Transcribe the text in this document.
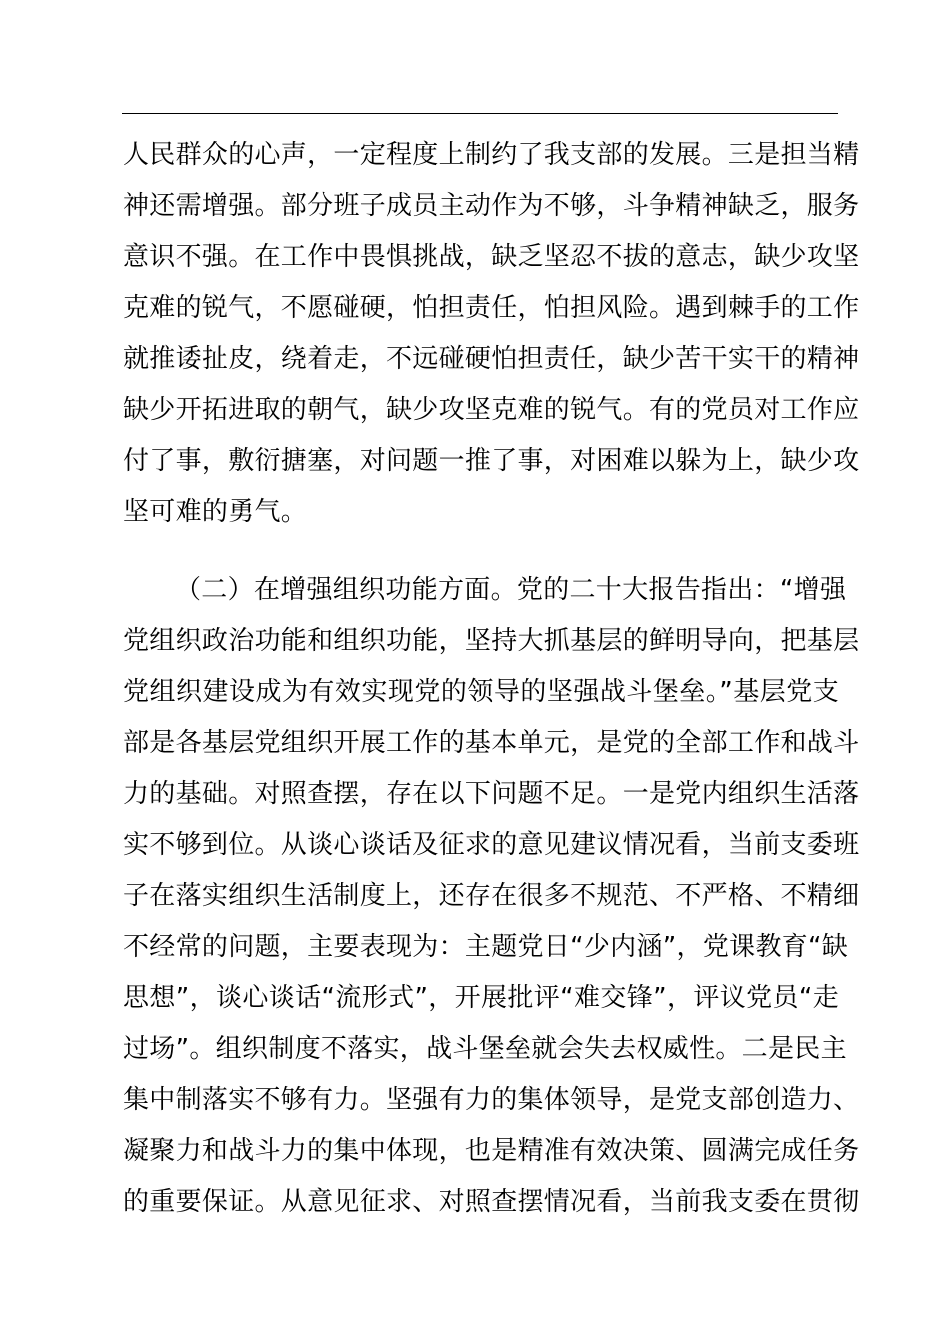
人民群众的心声，一定程度上制约了我支部的发展。三是担当精
神还需增强。部分班子成员主动作为不够，斗争精神缺乏，服务
意识不强。在工作中畏惧挑战，缺乏坚忍不拔的意志，缺少攻坚
克难的锐气，不愿碰硬，怕担责任，怕担风险。遇到棘手的工作
就推诿扯皮，绕着走，不远碰硬怕担责任，缺少苦干实干的精神
缺少开拓进取的朝气，缺少攻坚克难的锐气。有的党员对工作应
付了事，敷衍搪塞，对问题一推了事，对困难以躲为上，缺少攻
坚可难的勇气。
（二）在增强组织功能方面。党的二十大报告指出：“增强
党组织政治功能和组织功能，坚持大抓基层的鲜明导向，把基层
党组织建设成为有效实现党的领导的坚强战斗堡垒。”基层党支
部是各基层党组织开展工作的基本单元，是党的全部工作和战斗
力的基础。对照查摆，存在以下问题不足。一是党内组织生活落
实不够到位。从谈心谈话及征求的意见建议情况看，当前支委班
子在落实组织生活制度上，还存在很多不规范、不严格、不精细
不经常的问题，主要表现为：主题党日“少内涵”，党课教育“缺
思想”，谈心谈话“流形式”，开展批评“难交锋”，评议党员“走
过场”。组织制度不落实，战斗堡垒就会失去权威性。二是民主
集中制落实不够有力。坚强有力的集体领导，是党支部创造力、
凝聚力和战斗力的集中体现，也是精准有效决策、圆满完成任务
的重要保证。从意见征求、对照查摆情况看，当前我支委在贯彻
